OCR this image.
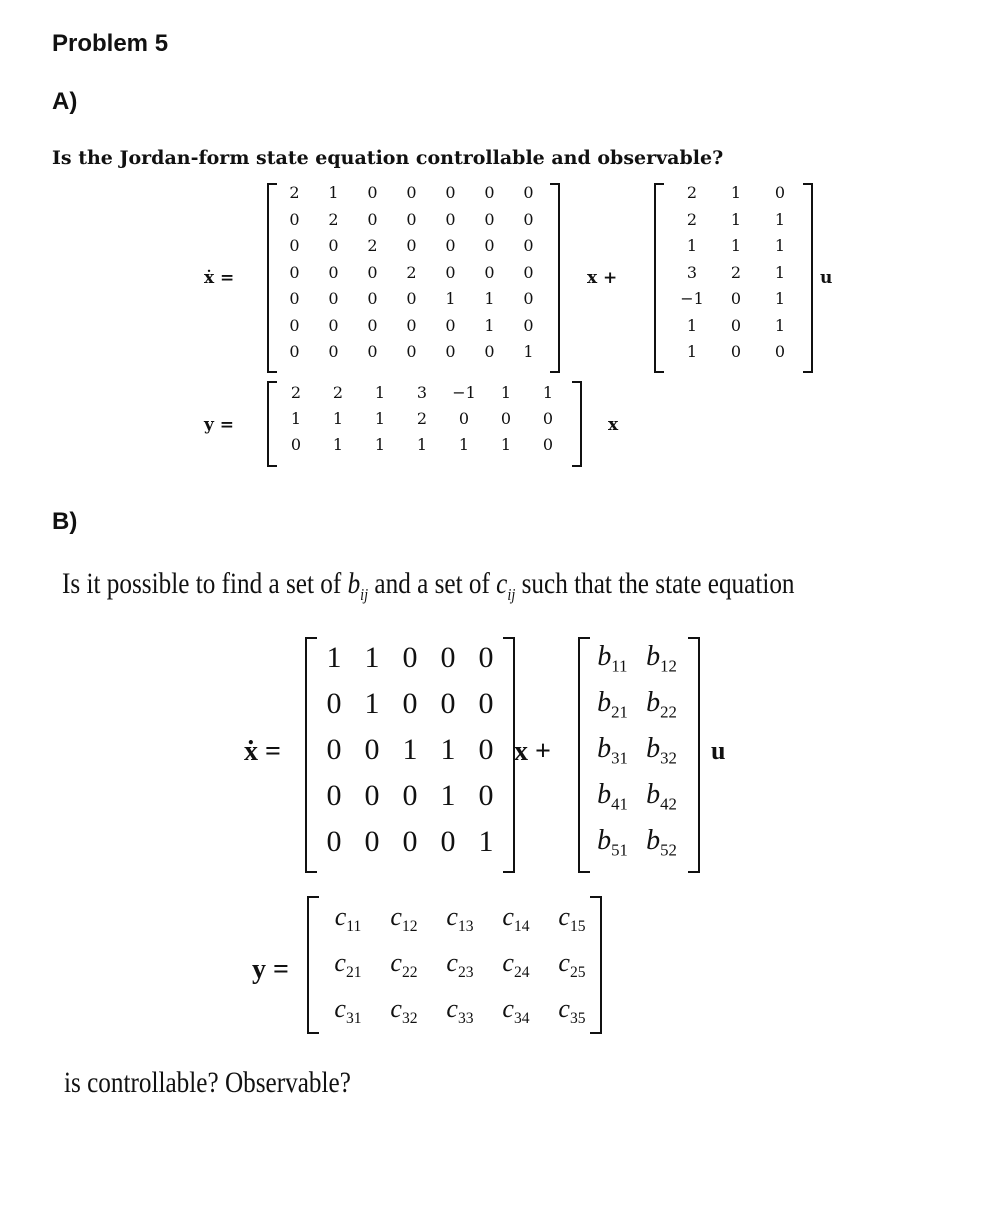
Problem 5
A)
Is the Jordan-form state equation controllable and observable?
ẋ =
2	1	0	0	0	0	0
0	2	0	0	0	0	0
0	0	2	0	0	0	0
0	0	0	2	0	0	0
0	0	0	0	1	1	0
0	0	0	0	0	1	0
0	0	0	0	0	0	1
x +
2	1	0
2	1	1
1	1	1
3	2	1
−1	0	1
1	0	1
1	0	0
u
y =
2	2	1	3	−1	1	1
1	1	1	2	0	0	0
0	1	1	1	1	1	0
x
B)
Is it possible to find a set of $b_{ij}$ and a set of $c_{ij}$ such that the state equation
ẋ =
1 1 0 0 0
0 1 0 0 0
0 0 1 1 0
0 0 0 1 0
0 0 0 0 1
x +
$b_{11}$ $b_{12}$
$b_{21}$ $b_{22}$
$b_{31}$ $b_{32}$
$b_{41}$ $b_{42}$
$b_{51}$ $b_{52}$
u
y =
$c_{11}$	$c_{12}$	$c_{13}$	$c_{14}$	$c_{15}$
$c_{21}$	$c_{22}$	$c_{23}$	$c_{24}$	$c_{25}$
$c_{31}$	$c_{32}$	$c_{33}$	$c_{34}$	$c_{35}$
is controllable? Observable?
